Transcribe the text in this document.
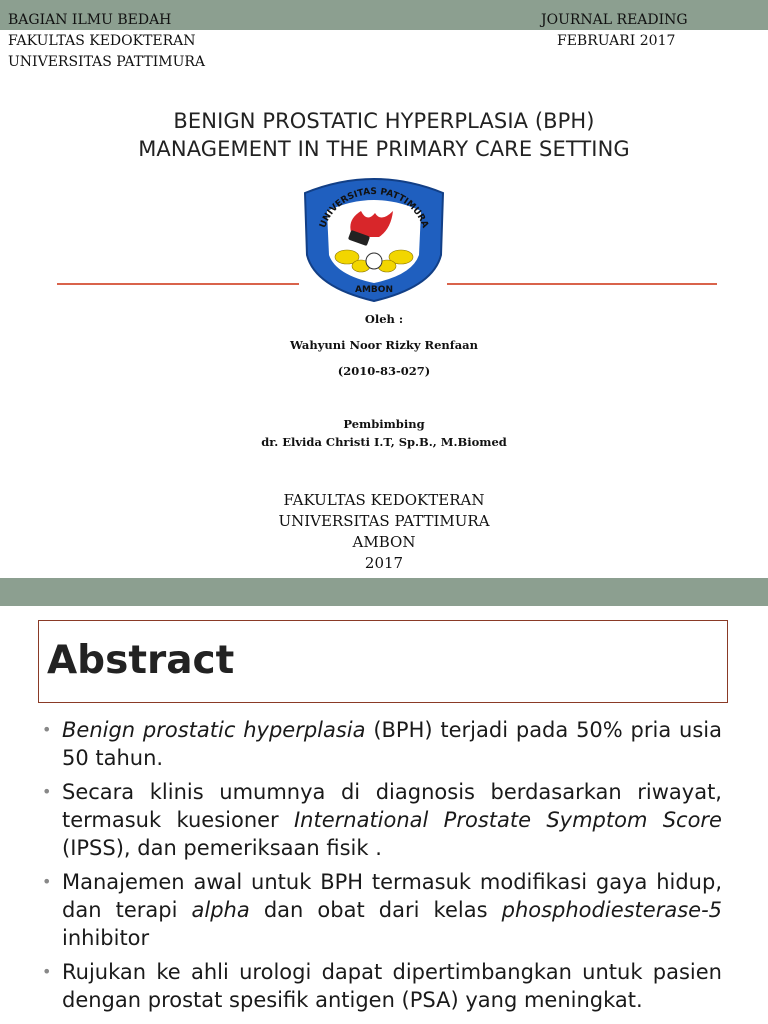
BAGIAN ILMU BEDAH
FAKULTAS KEDOKTERAN
UNIVERSITAS PATTIMURA
JOURNAL READING
FEBRUARI 2017
BENIGN PROSTATIC HYPERPLASIA (BPH)
MANAGEMENT IN THE PRIMARY CARE SETTING
UNIVERSITAS PATTIMURA
AMBON
Oleh :
Wahyuni Noor Rizky Renfaan
(2010-83-027)
Pembimbing
dr. Elvida Christi I.T, Sp.B., M.Biomed
FAKULTAS KEDOKTERAN
UNIVERSITAS PATTIMURA
AMBON
2017
Abstract
• Benign prostatic hyperplasia (BPH) terjadi pada 50% pria usia 50 tahun.
• Secara klinis umumnya di diagnosis berdasarkan riwayat, termasuk kuesioner International Prostate Symptom Score (IPSS), dan pemeriksaan fisik .
• Manajemen awal untuk BPH termasuk modifikasi gaya hidup, dan terapi alpha dan obat dari kelas phosphodiesterase-5 inhibitor
• Rujukan ke ahli urologi dapat dipertimbangkan untuk pasien dengan prostat spesifik antigen (PSA) yang meningkat.
